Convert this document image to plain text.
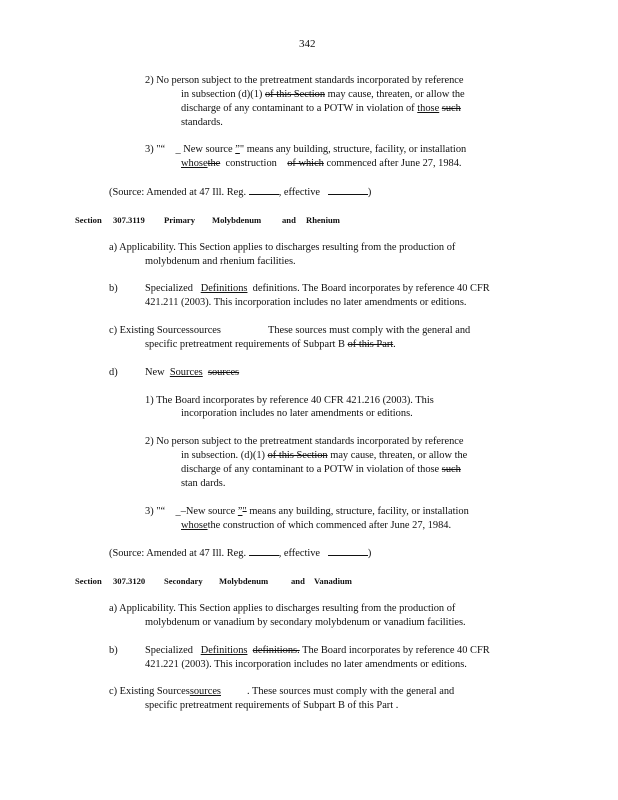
342
2) No person subject to the pretreatment standards incorporated by reference
in subsection (d)(1) of this Section may cause, threaten, or allow the
discharge of any contaminant to a POTW in violation of those such
standards.
3) "“ _ New source ”" means any building, structure, facility, or installation
whosethe construction of which commenced after June 27, 1984.
(Source: Amended at 47 Ill. Reg.	, effective	)
Section 307.3119 Primary Molybdenum and Rhenium
a) Applicability. This Section applies to discharges resulting from the production of
molybdenum and rhenium facilities.
b)	Specialized Definitions definitions. The Board incorporates by reference 40 CFR
421.211 (2003). This incorporation includes no later amendments or editions.
c) Existing Sourcessources	These sources must comply with the general and
specific pretreatment requirements of Subpart B of this Part.
d)	New Sources sources
1) The Board incorporates by reference 40 CFR 421.216 (2003). This
incorporation includes no later amendments or editions.
2) No person subject to the pretreatment standards incorporated by reference
in subsection. (d)(1) of this Section may cause, threaten, or allow the
discharge of any contaminant to a POTW in violation of those such
stan dards.
3) "“ _–New source ”" means any building, structure, facility, or installation
whosethe construction of which commenced after June 27, 1984.
(Source: Amended at 47 Ill. Reg.	, effective	)
Section 307.3120 Secondary Molybdenum	and Vanadium
a) Applicability. This Section applies to discharges resulting from the production of
molybdenum or vanadium by secondary molybdenum or vanadium facilities.
b)	Specialized Definitions definitions. The Board incorporates by reference 40 CFR
421.221 (2003). This incorporation includes no later amendments or editions.
c) Existing Sourcessources . These sources must comply with the general and
specific pretreatment requirements of Subpart B of this Part .
